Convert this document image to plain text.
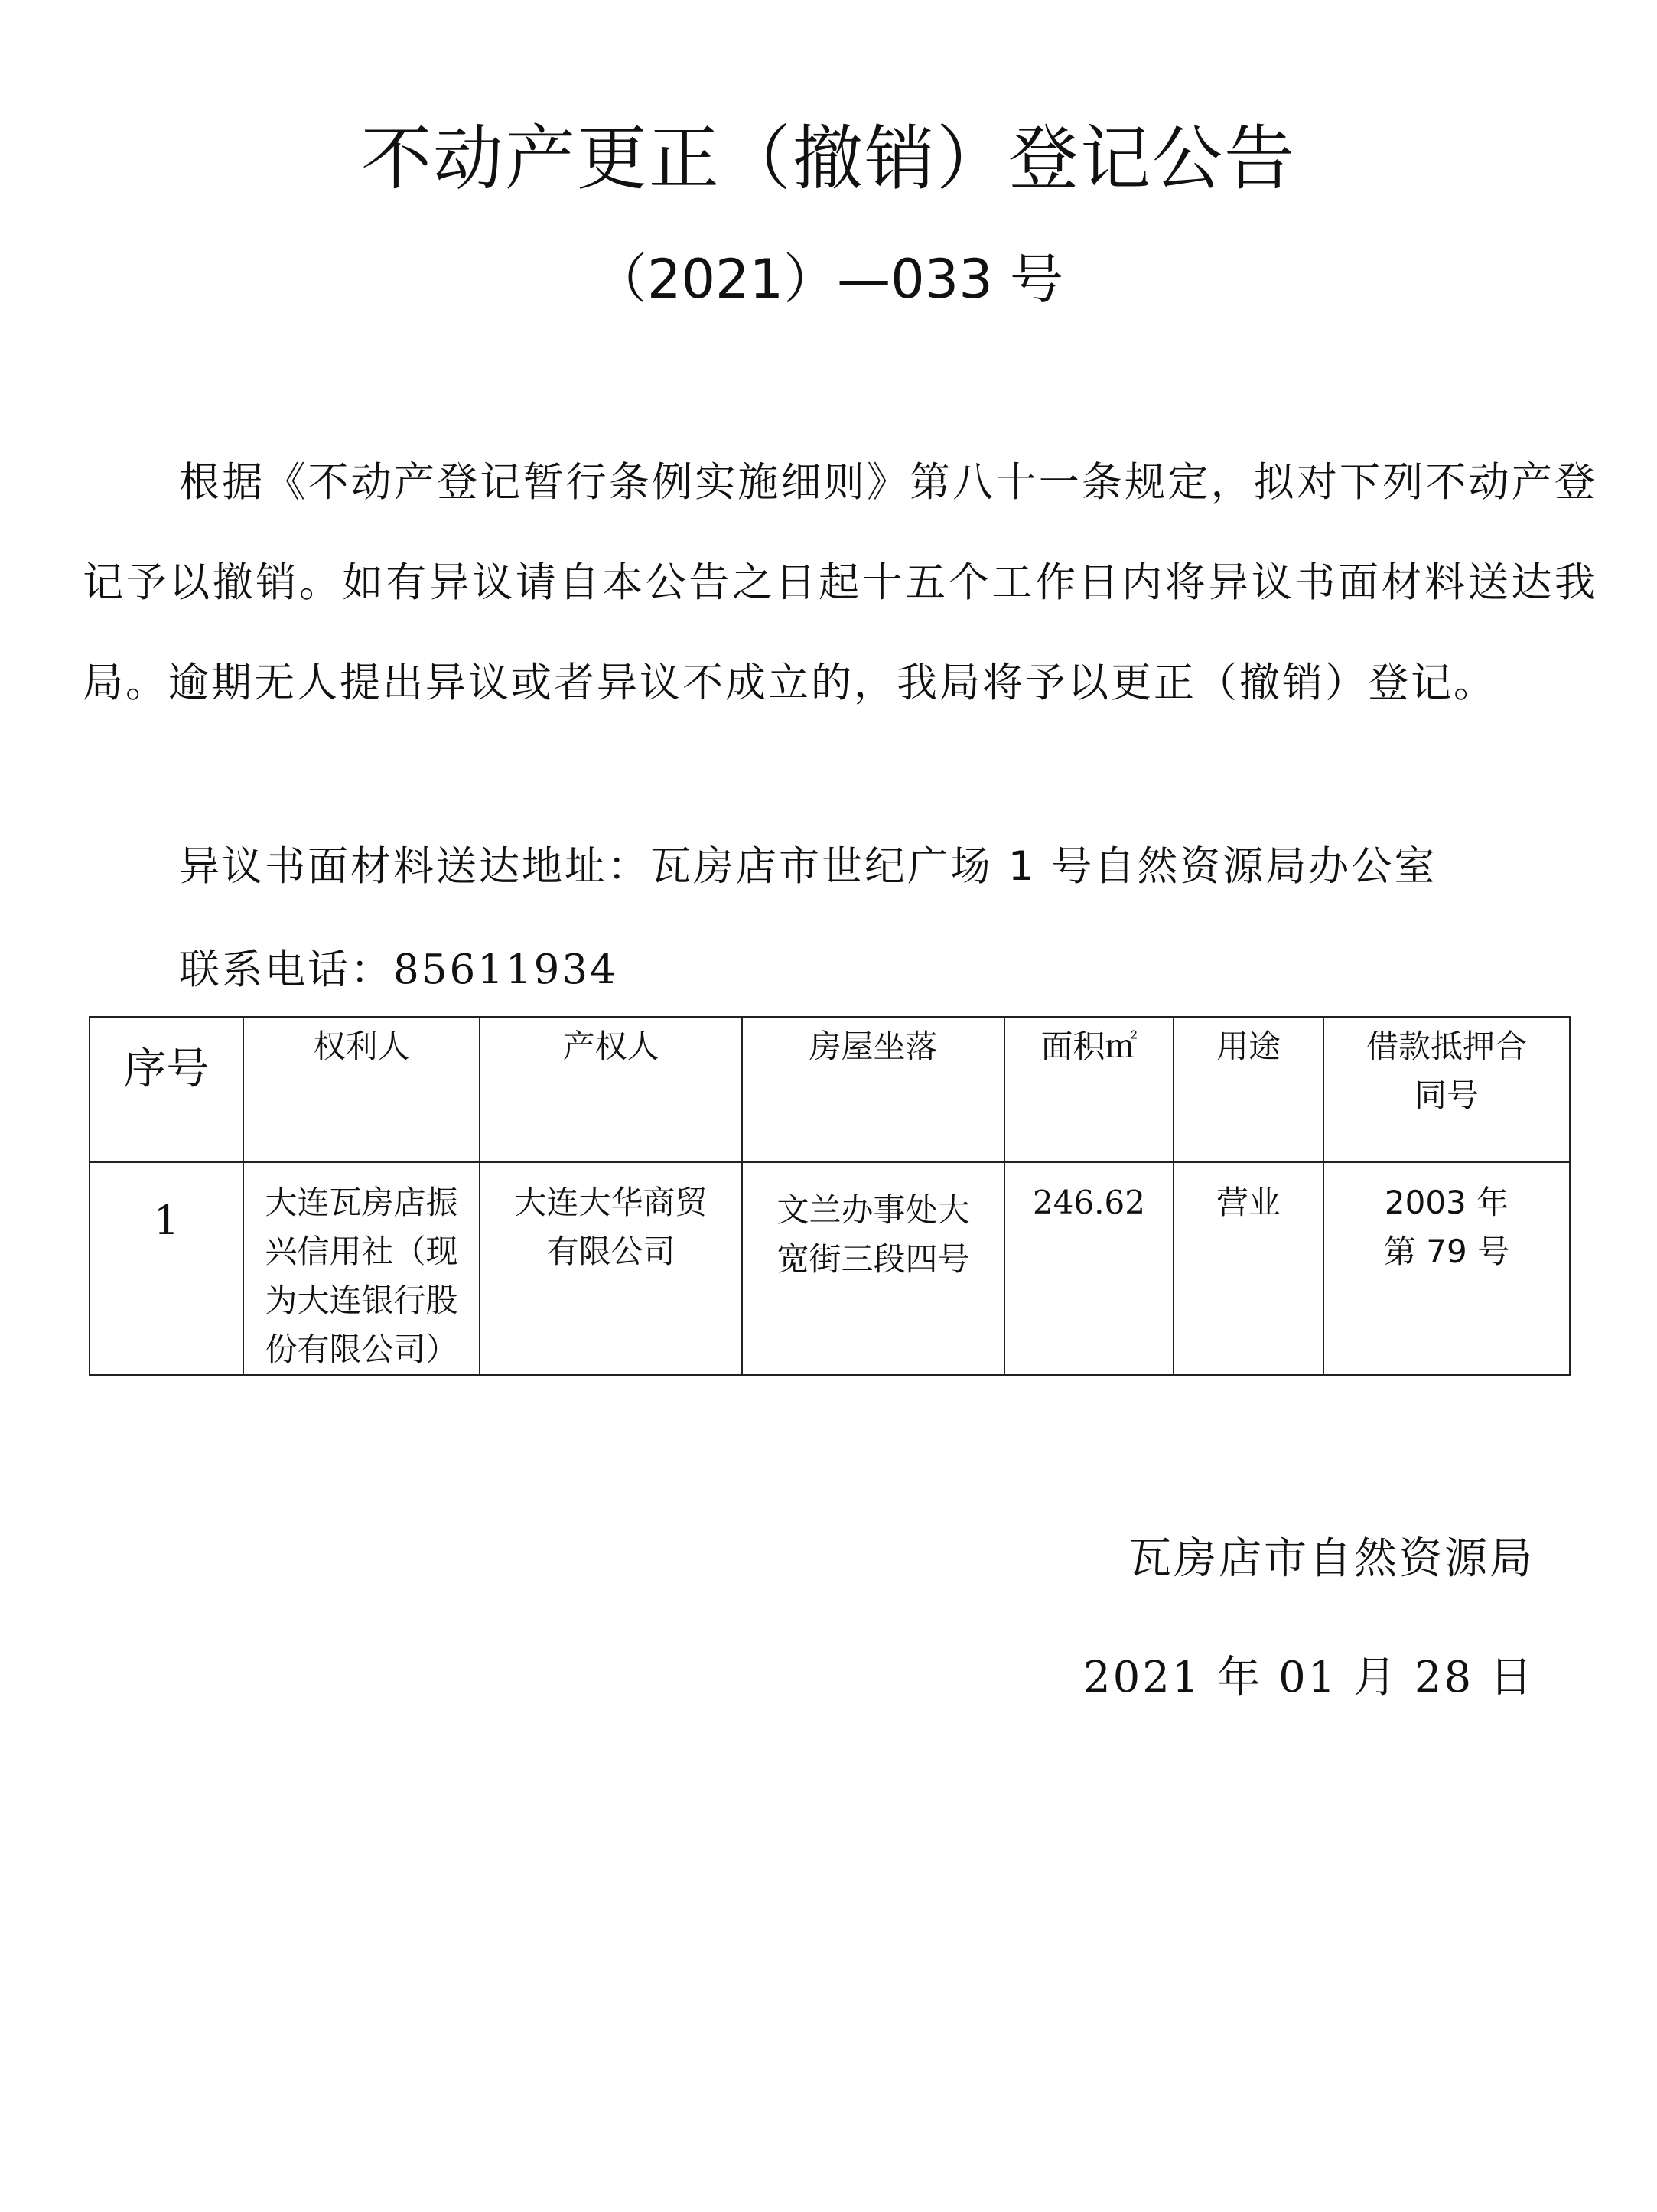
不动产更正（撤销）登记公告
（2021）—033 号

根据《不动产登记暂行条例实施细则》第八十一条规定，拟对下列不动产登记予以撤销。如有异议请自本公告之日起十五个工作日内将异议书面材料送达我局。逾期无人提出异议或者异议不成立的，我局将予以更正（撤销）登记。

异议书面材料送达地址：瓦房店市世纪广场 1 号自然资源局办公室
联系电话：85611934
序号	权利人	产权人	房屋坐落	面积㎡	用途	借款抵押合同号
1	大连瓦房店振兴信用社（现为大连银行股份有限公司）	大连大华商贸有限公司	文兰办事处大宽街三段四号	246.62	营业	2003 年第 79 号
瓦房店市自然资源局
2021 年 01 月 28 日
